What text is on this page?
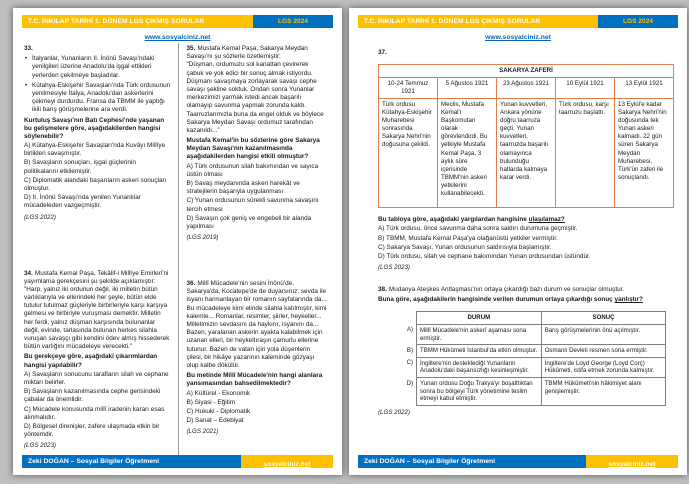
T.C. İNKILAP TARİHİ 1. DÖNEM LGS ÇIKMIŞ SORULAR	LGS 2024
www.sosyalciniz.net
33.
• İtalyanlar, Yunanların II. İnönü Savaşı'ndaki yenilgileri üzerine Anadolu'da işgal ettikleri yerlerden çekilmeye başladılar.
• Kütahya-Eskişehir Savaşları'nda Türk ordusunun yenilmesiyle İtalya, Anadolu'dan askerlerini çekmeyi durdurdu. Fransa da TBMM ile yaptığı ikili barış görüşmelerine ara verdi.
Kurtuluş Savaşı'nın Batı Cephesi'nde yaşanan bu gelişmelere göre, aşağıdakilerden hangisi söylenebilir?
A) Kütahya-Eskişehir Savaşları'nda Kuvâyı Millîye birlikleri savaşmıştır.
B) Savaşların sonuçları, işgal güçlerinin politikalarını etkilemiştir.
C) Diplomatik alandaki başarıların askeri sonuçları olmuştur.
D) II. İnönü Savaşı'nda yenilen Yunanlılar mücadeleden vazgeçmiştir.
(LGS 2022)
34. Mustafa Kemal Paşa, Tekâlif-i Millîye Emirleri'ni yayımlama gerekçesini şu şekilde açıklamıştır: "Harp, yalnız iki ordunun değil, iki milletin bütün varlıklarıyla ve ellerindeki her şeyle, bütün elde tutulur tutulmaz güçleriyle birbirleriyle karşı karşıya gelmesi ve birbiriyle vuruşması demektir. Milletin her ferdi, yalnız düşman karşısında bulunanlar değil, evinde, tarlasında bulunan herkes silahla vuruşan savaşçı gibi kendini ödev almış hissederek bütün varlığını mücadeleye verecekti."
Bu gerekçeye göre, aşağıdaki çıkarımlardan hangisi yapılabilir?
A) Savaşların sonucunu tarafların silah ve cephane miktarı belirler.
B) Savaşların kazanılmasında cephe gerisindeki çabalar da önemlidir.
C) Mücadele konusunda millî iradenin kararı esas alınmalıdır.
D) Bölgesel direnişler, zafere ulaşmada etkin bir yöntemdir.
(LGS 2023)
35. Mustafa Kemal Paşa, Sakarya Meydan Savaşı'nı şu sözlerle özetlemiştir:
"Düşman, ordumuzu sol kanattan çevirerek çabuk ve yok edici bir sonuç almak istiyordu. Düşmanı savaşmaya zorlayarak savaşı cephe savaşı şekline soktuk. Ondan sonra Yunanlar merkezimizi yarmak istedi ancak başarılı olamayıp savunma yapmak zorunda kaldı. Taarruzlarımızla buna da engel olduk ve böylece Sakarya Meydan Savaşı ordumuz tarafından kazanıldı..."
Mustafa Kemal'in bu sözlerine göre Sakarya Meydan Savaşı'nın kazanılmasında aşağıdakilerden hangisi etkili olmuştur?
A) Türk ordusunun silah bakımından ve sayıca üstün olması
B) Savaş meydanında askeri harekât ve stratejilerin başarıyla uygulanması
C) Yunan ordusunun sürekli savunma savaşını tercih etmesi
D) Savaşın çok geniş ve engebeli bir alanda yapılması
(LGS 2019)
36. Millî Mücadele'nin sesini İnönü'de, Sakarya'da, Kocatepe'de de duyarsınız; sevda ile isyanı harmanlayan bir romanın sayfalarında da... Bu mücadeleye kimi elinde silahla katılmıştır, kimi kalemle... Romanlar, resimler, şiirler, heykeller... Milletimizin sevdasını da haykırır, isyanını da... Bazen, yaralanan askerin ayakta kalabilmek için uzanan elleri, bir heykeltıraşın çamurlu ellerine tutunur. Bazen de vatan için yola düşenlerin çilesi, bir hikâye yazarının kaleminde gözyaşı olup kalbe dökülür.
Bu metinde Millî Mücadele'nin hangi alanlara yansımasından bahsedilmektedir?
A) Kültürel - Ekonomik
B) Siyasi - Eğitim
C) Hukuki - Diplomatik
D) Sanat – Edebiyat
(LGS 2021)
Zeki DOĞAN – Sosyal Bilgiler Öğretmeni	sosyalciniz.net
T.C. İNKILAP TARİHİ 1. DÖNEM LGS ÇIKMIŞ SORULAR	LGS 2024
www.sosyalciniz.net
37.
SAKARYA ZAFERİ				
10-24 Temmuz 1921	5 Ağustos 1921	23 Ağustos 1921	10 Eylül 1921	13 Eylül 1921
Türk ordusu Kütahya-Eskişehir Muharebesi sonrasında Sakarya Nehri'nin doğusuna çekildi.	Meclis, Mustafa Kemal'i Başkomutan olarak görevlendirdi. Bu yetkiyle Mustafa Kemal Paşa, 3 aylık süre içerisinde TBMM'nin askeri yetkilerini kullanabilecekti.	Yunan kuvvetleri, Ankara yönüne doğru taarruza geçti. Yunan kuvvetleri, taarruzda başarılı olamayınca bulunduğu hatlarda kalmaya karar verdi.	Türk ordusu, karşı taarruzu başlattı.	13 Eylül'e kadar Sakarya Nehri'nin doğusunda tek Yunan askeri kalmadı. 22 gün süren Sakarya Meydan Muharebesi, Türk'ün zaferi ile sonuçlandı.
Bu tabloya göre, aşağıdaki yargılardan hangisine ulaşılamaz?
A) Türk ordusu, önce savunma daha sonra saldırı durumuna geçmiştir.
B) TBMM, Mustafa Kemal Paşa'ya olağanüstü yetkiler vermiştir.
C) Sakarya Savaşı, Yunan ordusunun saldırısıyla başlamıştır.
D) Türk ordusu, silah ve cephane bakımından Yunan ordusundan üstündür.
(LGS 2023)
38. Mudanya Ateşkes Antlaşması'nın ortaya çıkardığı bazı durum ve sonuçlar olmuştur.
Buna göre, aşağıdakilerin hangisinde verilen durumun ortaya çıkardığı sonuç yanlıştır?
	DURUM	SONUÇ
A)	Millî Mücadele'nin askerî aşaması sona ermiştir.	Barış görüşmelerinin önü açılmıştır.
B)	TBMM Hükûmeti İstanbul'da etkin olmuştur.	Osmanlı Devleti resmen sona ermiştir.
C)	İngiltere'nin desteklediği Yunanların Anadolu'daki başarısızlığı kesinleşmiştir.	İngiltere'de Loyd George (Loyd Corç) Hükûmeti, istifa etmek zorunda kalmıştır.
D)	Yunan ordusu Doğu Trakya'yı boşalttıktan sonra bu bölgeyi Türk yönetimine teslim etmeyi kabul etmiştir.	TBMM Hükûmeti'nin hâkimiyet alanı genişlemiştir.
(LGS 2022)
Zeki DOĞAN – Sosyal Bilgiler Öğretmeni	sosyalciniz.net
